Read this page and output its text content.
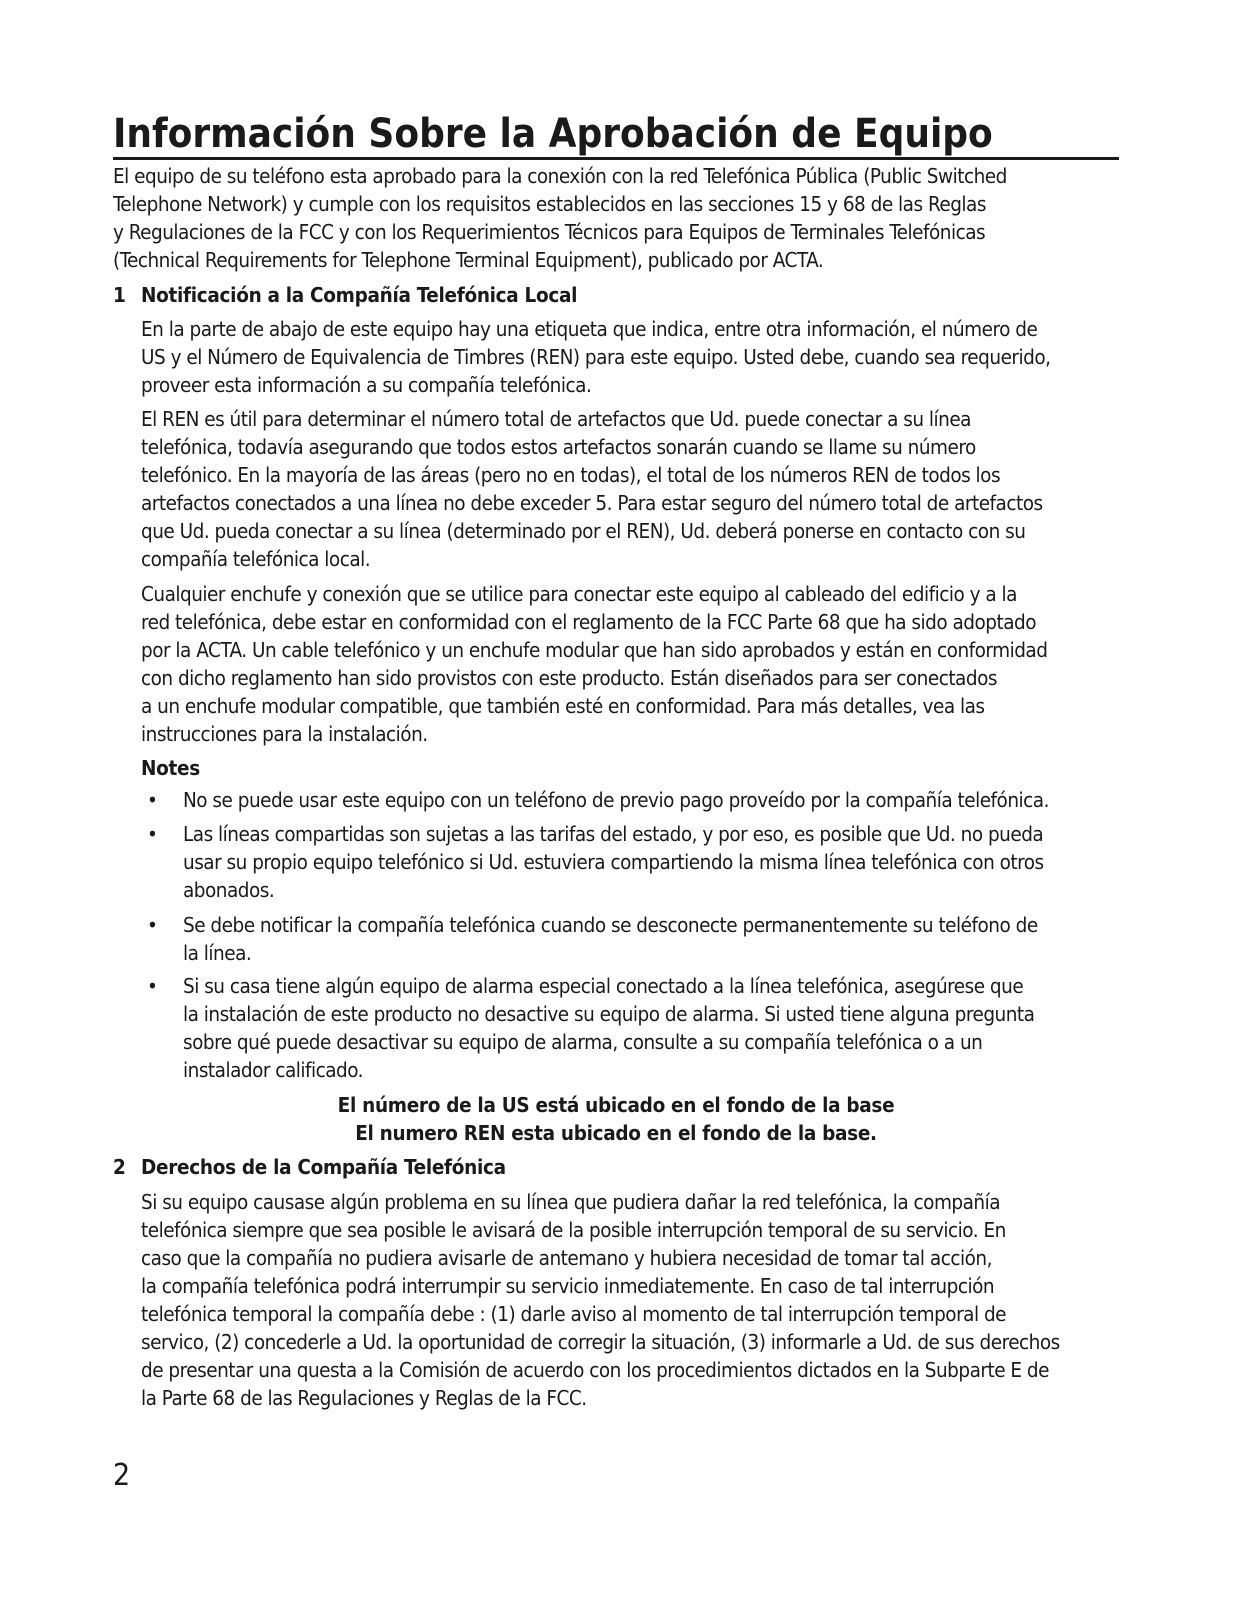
Información Sobre la Aprobación de Equipo
El equipo de su teléfono esta aprobado para la conexión con la red Telefónica Pública (Public Switched
Telephone Network) y cumple con los requisitos establecidos en las secciones 15 y 68 de las Reglas
y Regulaciones de la FCC y con los Requerimientos Técnicos para Equipos de Terminales Telefónicas
(Technical Requirements for Telephone Terminal Equipment), publicado por ACTA.
1 Notificación a la Compañía Telefónica Local
En la parte de abajo de este equipo hay una etiqueta que indica, entre otra información, el número de
US y el Número de Equivalencia de Timbres (REN) para este equipo. Usted debe, cuando sea requerido,
proveer esta información a su compañía telefónica.
El REN es útil para determinar el número total de artefactos que Ud. puede conectar a su línea
telefónica, todavía asegurando que todos estos artefactos sonarán cuando se llame su número
telefónico. En la mayoría de las áreas (pero no en todas), el total de los números REN de todos los
artefactos conectados a una línea no debe exceder 5. Para estar seguro del número total de artefactos
que Ud. pueda conectar a su línea (determinado por el REN), Ud. deberá ponerse en contacto con su
compañía telefónica local.
Cualquier enchufe y conexión que se utilice para conectar este equipo al cableado del edificio y a la
red telefónica, debe estar en conformidad con el reglamento de la FCC Parte 68 que ha sido adoptado
por la ACTA. Un cable telefónico y un enchufe modular que han sido aprobados y están en conformidad
con dicho reglamento han sido provistos con este producto. Están diseñados para ser conectados
a un enchufe modular compatible, que también esté en conformidad. Para más detalles, vea las
instrucciones para la instalación.
Notes
• No se puede usar este equipo con un teléfono de previo pago proveído por la compañía telefónica.
• Las líneas compartidas son sujetas a las tarifas del estado, y por eso, es posible que Ud. no pueda
usar su propio equipo telefónico si Ud. estuviera compartiendo la misma línea telefónica con otros
abonados.
• Se debe notificar la compañía telefónica cuando se desconecte permanentemente su teléfono de
la línea.
• Si su casa tiene algún equipo de alarma especial conectado a la línea telefónica, asegúrese que
la instalación de este producto no desactive su equipo de alarma. Si usted tiene alguna pregunta
sobre qué puede desactivar su equipo de alarma, consulte a su compañía telefónica o a un
instalador calificado.
El número de la US está ubicado en el fondo de la base
El numero REN esta ubicado en el fondo de la base.
2 Derechos de la Compañía Telefónica
Si su equipo causase algún problema en su línea que pudiera dañar la red telefónica, la compañía
telefónica siempre que sea posible le avisará de la posible interrupción temporal de su servicio. En
caso que la compañía no pudiera avisarle de antemano y hubiera necesidad de tomar tal acción,
la compañía telefónica podrá interrumpir su servicio inmediatemente. En caso de tal interrupción
telefónica temporal la compañía debe : (1) darle aviso al momento de tal interrupción temporal de
servico, (2) concederle a Ud. la oportunidad de corregir la situación, (3) informarle a Ud. de sus derechos
de presentar una questa a la Comisión de acuerdo con los procedimientos dictados en la Subparte E de
la Parte 68 de las Regulaciones y Reglas de la FCC.
2
